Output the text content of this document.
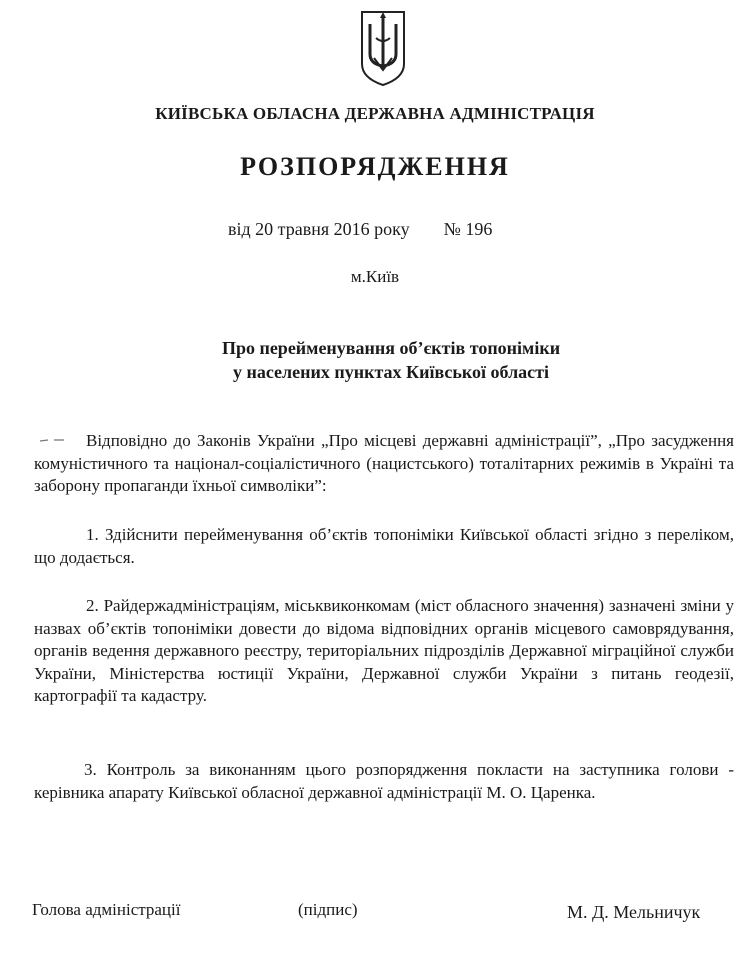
КИЇВСЬКА ОБЛАСНА ДЕРЖАВНА АДМІНІСТРАЦІЯ
РОЗПОРЯДЖЕННЯ
від 20 травня 2016 року № 196
м.Київ
Про перейменування об’єктів топоніміки
у населених пунктах Київської області
Відповідно до Законів України „Про місцеві державні адміністрації”, „Про засудження комуністичного та націонал-соціалістичного (нацистського) тоталітарних режимів в Україні та заборону пропаганди їхньої символіки”:
1. Здійснити перейменування об’єктів топоніміки Київської області згідно з переліком, що додається.
2. Райдержадміністраціям, міськвиконкомам (міст обласного значення) зазначені зміни у назвах об’єктів топоніміки довести до відома відповідних органів місцевого самоврядування, органів ведення державного реєстру, територіальних підрозділів Державної міграційної служби України, Міністерства юстиції України, Державної служби України з питань геодезії, картографії та кадастру.
3. Контроль за виконанням цього розпорядження покласти на заступника голови - керівника апарату Київської обласної державної адміністрації М. О. Царенка.
Голова адміністрації	(підпис)	М. Д. Мельничук
